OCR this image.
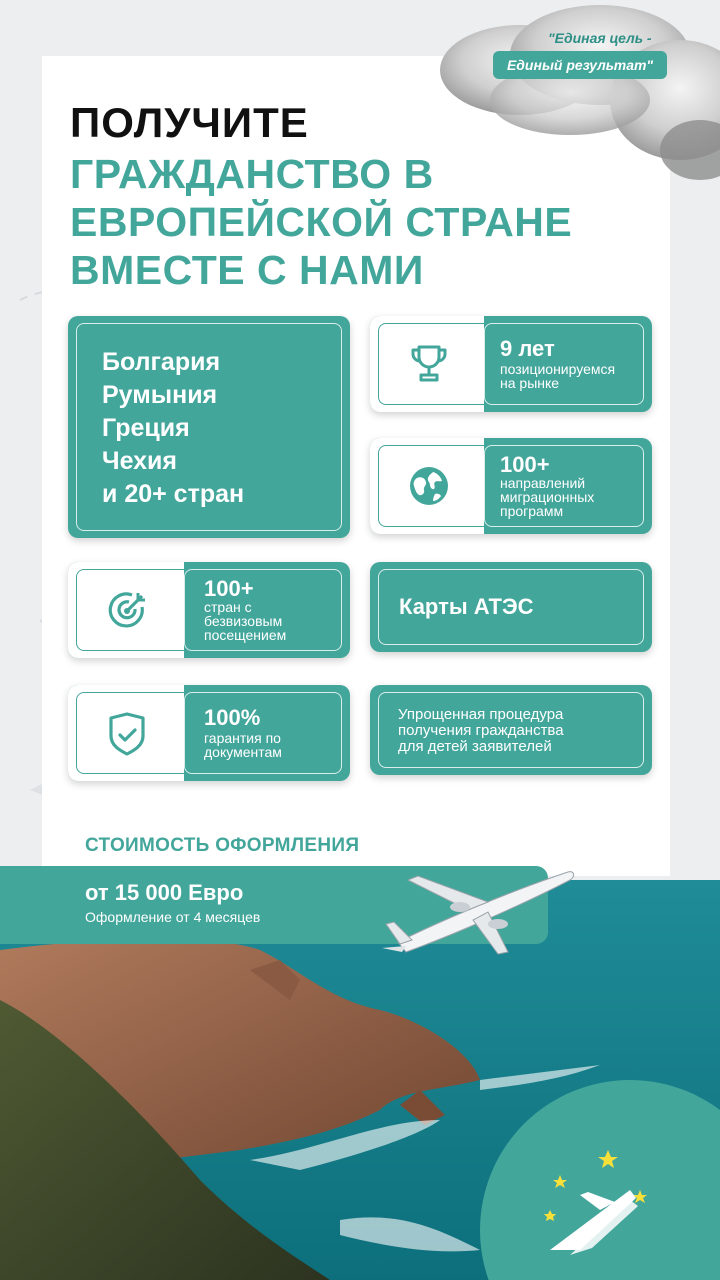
"Единая цель -
Единый результат"
ПОЛУЧИТЕ
ГРАЖДАНСТВО В
ЕВРОПЕЙСКОЙ СТРАНЕ
ВМЕСТЕ С НАМИ
Болгария
Румыния
Греция
Чехия
и 20+ стран
9 лет
позиционируемся
на рынке
100+
направлений
миграционных
программ
100+
стран с
безвизовым
посещением
Карты АТЭС
100%
гарантия по
документам
Упрощенная процедура
получения гражданства
для детей заявителей
СТОИМОСТЬ ОФОРМЛЕНИЯ
от 15 000 Евро
Оформление от 4 месяцев
